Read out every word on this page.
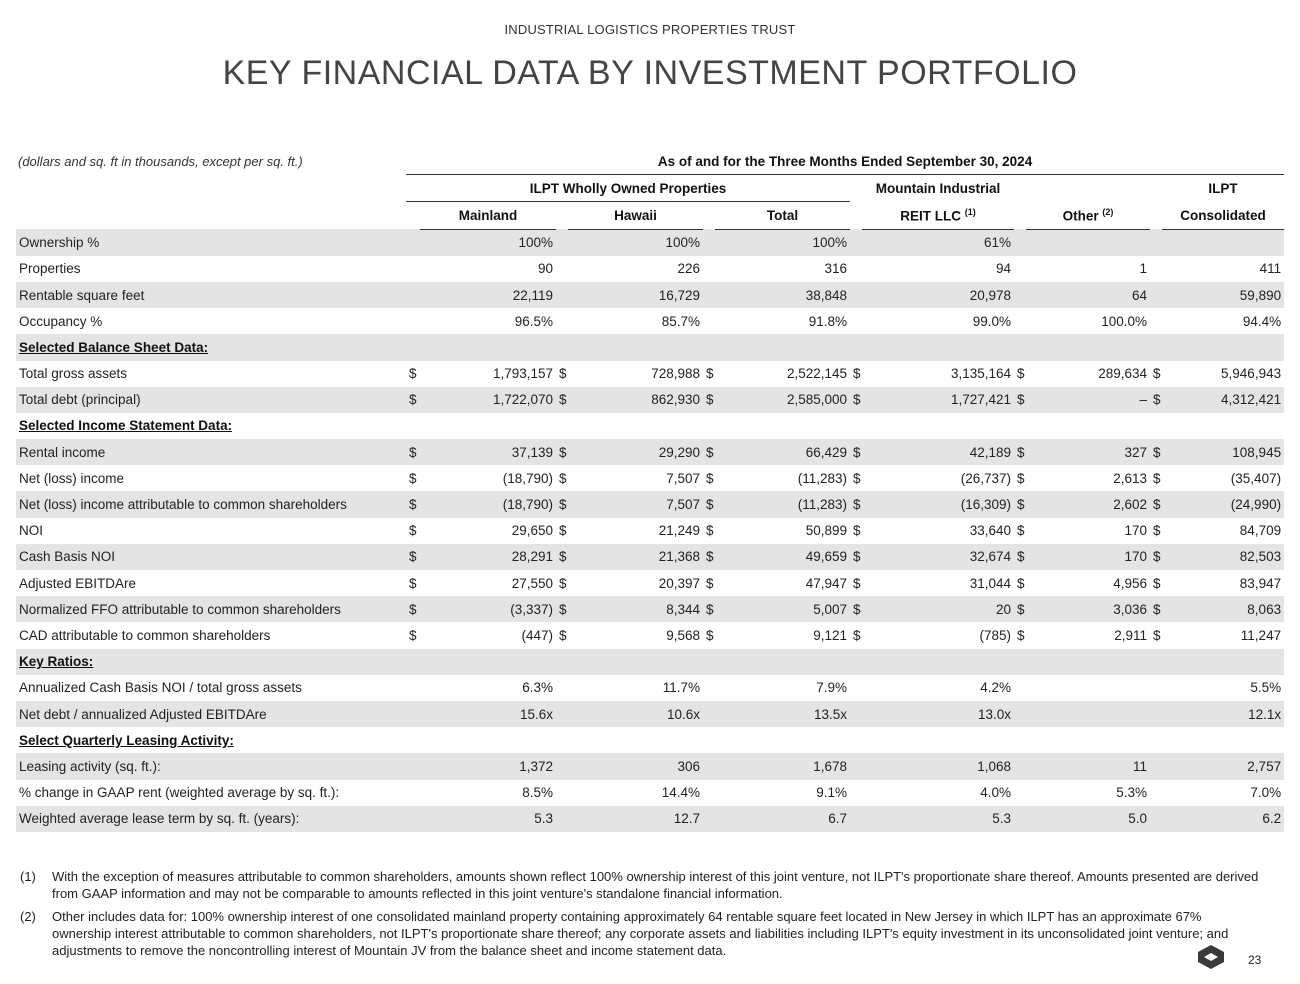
INDUSTRIAL LOGISTICS PROPERTIES TRUST
KEY FINANCIAL DATA BY INVESTMENT PORTFOLIO
(dollars and sq. ft in thousands, except per sq. ft.)	As of and for the Three Months Ended September 30, 2024											
	ILPT Wholly Owned Properties							Mountain Industrial				ILPT
		Mainland		Hawaii		Total		REIT LLC $^{(1)}$		Other $^{(2)}$		Consolidated
Ownership %		100%		100%		100%		61%				
Properties		90		226		316		94		1		411
Rentable square feet		22,119		16,729		38,848		20,978		64		59,890
Occupancy %		96.5%		85.7%		91.8%		99.0%		100.0%		94.4%
Selected Balance Sheet Data:												
Total gross assets	$	1,793,157	$	728,988	$	2,522,145	$	3,135,164	$	289,634	$	5,946,943
Total debt (principal)	$	1,722,070	$	862,930	$	2,585,000	$	1,727,421	$	–	$	4,312,421
Selected Income Statement Data:												
Rental income	$	37,139	$	29,290	$	66,429	$	42,189	$	327	$	108,945
Net (loss) income	$	(18,790)	$	7,507	$	(11,283)	$	(26,737)	$	2,613	$	(35,407)
Net (loss) income attributable to common shareholders	$	(18,790)	$	7,507	$	(11,283)	$	(16,309)	$	2,602	$	(24,990)
NOI	$	29,650	$	21,249	$	50,899	$	33,640	$	170	$	84,709
Cash Basis NOI	$	28,291	$	21,368	$	49,659	$	32,674	$	170	$	82,503
Adjusted EBITDAre	$	27,550	$	20,397	$	47,947	$	31,044	$	4,956	$	83,947
Normalized FFO attributable to common shareholders	$	(3,337)	$	8,344	$	5,007	$	20	$	3,036	$	8,063
CAD attributable to common shareholders	$	(447)	$	9,568	$	9,121	$	(785)	$	2,911	$	11,247
Key Ratios:												
Annualized Cash Basis NOI / total gross assets		6.3%		11.7%		7.9%		4.2%				5.5%
Net debt / annualized Adjusted EBITDAre		15.6x		10.6x		13.5x		13.0x				12.1x
Select Quarterly Leasing Activity:												
Leasing activity (sq. ft.):		1,372		306		1,678		1,068		11		2,757
% change in GAAP rent (weighted average by sq. ft.):		8.5%		14.4%		9.1%		4.0%		5.3%		7.0%
Weighted average lease term by sq. ft. (years):		5.3		12.7		6.7		5.3		5.0		6.2
(1)	With the exception of measures attributable to common shareholders, amounts shown reflect 100% ownership interest of this joint venture, not ILPT's proportionate share thereof. Amounts presented are derived from GAAP information and may not be comparable to amounts reflected in this joint venture's standalone financial information.
(2)	Other includes data for: 100% ownership interest of one consolidated mainland property containing approximately 64 rentable square feet located in New Jersey in which ILPT has an approximate 67% ownership interest attributable to common shareholders, not ILPT's proportionate share thereof; any corporate assets and liabilities including ILPT's equity investment in its unconsolidated joint venture; and adjustments to remove the noncontrolling interest of Mountain JV from the balance sheet and income statement data.
23
